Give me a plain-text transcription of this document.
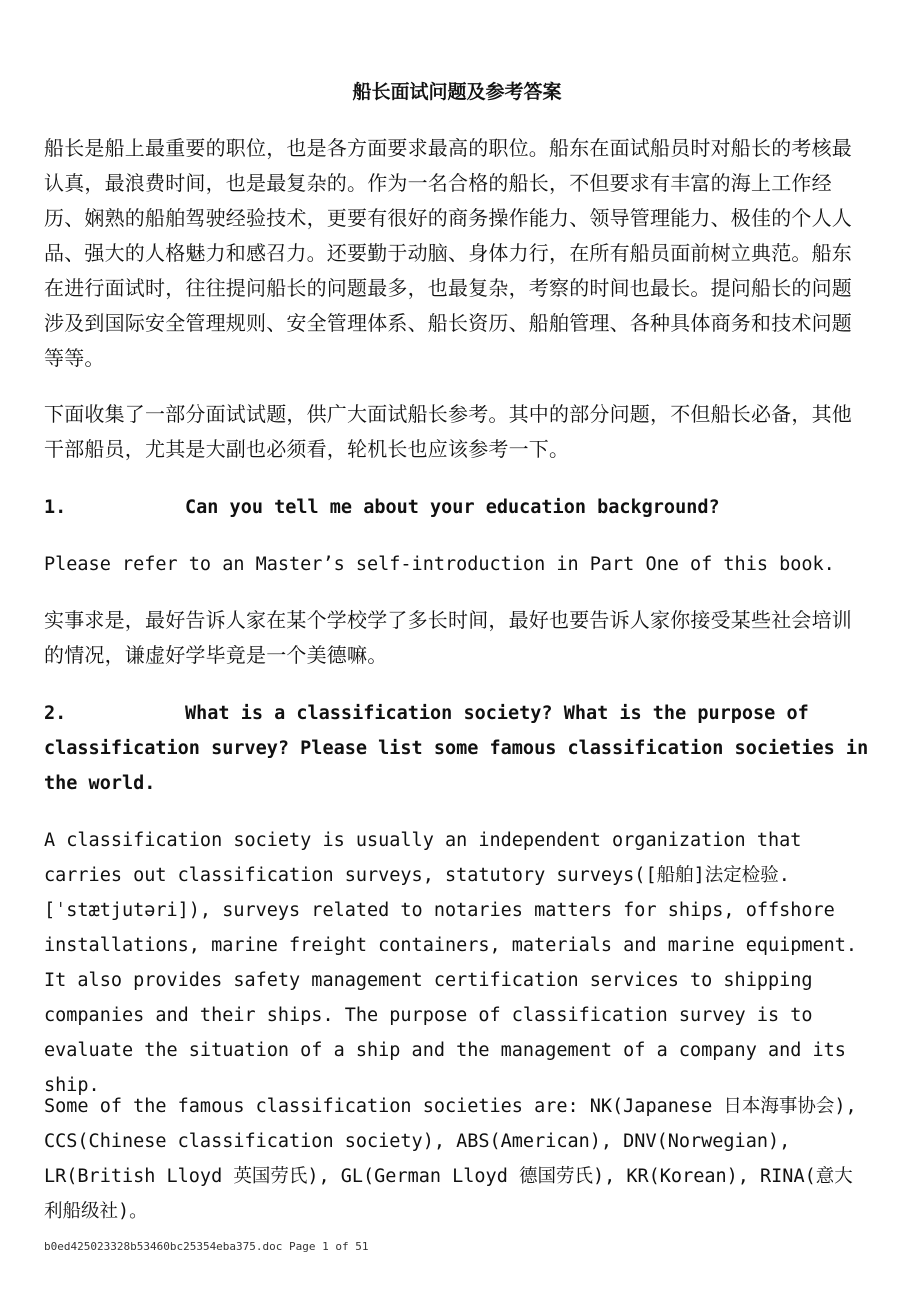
船长面试问题及参考答案

船长是船上最重要的职位，也是各方面要求最高的职位。船东在面试船员时对船长的考核最认真，最浪费时间，也是最复杂的。作为一名合格的船长，不但要求有丰富的海上工作经历、娴熟的船舶驾驶经验技术，更要有很好的商务操作能力、领导管理能力、极佳的个人人品、强大的人格魅力和感召力。还要勤于动脑、身体力行，在所有船员面前树立典范。船东在进行面试时，往往提问船长的问题最多，也最复杂，考察的时间也最长。提问船长的问题涉及到国际安全管理规则、安全管理体系、船长资历、船舶管理、各种具体商务和技术问题等等。

下面收集了一部分面试试题，供广大面试船长参考。其中的部分问题，不但船长必备，其他干部船员，尤其是大副也必须看，轮机长也应该参考一下。

1.	Can you tell me about your education background?

Please refer to an Master’s self-introduction in Part One of this book.

实事求是，最好告诉人家在某个学校学了多长时间，最好也要告诉人家你接受某些社会培训的情况，谦虚好学毕竟是一个美德嘛。

2.	What is a classification society? What is the purpose of
classification survey? Please list some famous classification societies in the world.

A classification society is usually an independent organization that carries out classification surveys, statutory surveys([船舶]法定检验.[ˈstætjutəri]), surveys related to notaries matters for ships, offshore installations, marine freight containers, materials and marine equipment. It also provides safety management certification services to shipping companies and their ships. The purpose of classification survey is to evaluate the situation of a ship and the management of a company and its ship.

Some of the famous classification societies are: NK(Japanese 日本海事协会), CCS(Chinese classification society), ABS(American), DNV(Norwegian), LR(British Lloyd 英国劳氏), GL(German Lloyd 德国劳氏), KR(Korean), RINA(意大利船级社)。

b0ed425023328b53460bc25354eba375.doc Page 1 of 51
